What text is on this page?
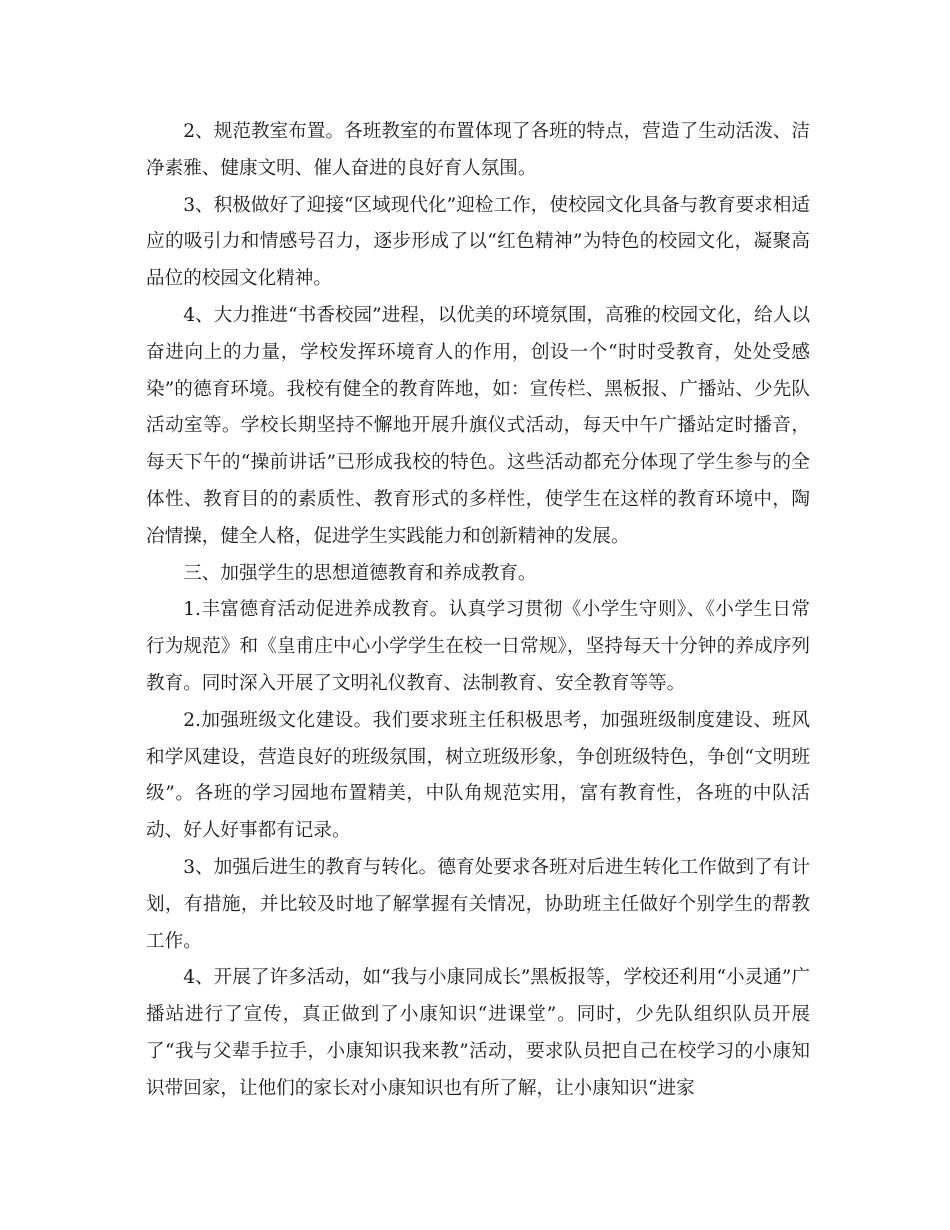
2、规范教室布置。各班教室的布置体现了各班的特点，营造了生动活泼、洁净素雅、健康文明、催人奋进的良好育人氛围。

3、积极做好了迎接“区域现代化”迎检工作，使校园文化具备与教育要求相适应的吸引力和情感号召力，逐步形成了以“红色精神”为特色的校园文化，凝聚高品位的校园文化精神。

4、大力推进“书香校园”进程，以优美的环境氛围，高雅的校园文化，给人以奋进向上的力量，学校发挥环境育人的作用，创设一个“时时受教育，处处受感染”的德育环境。我校有健全的教育阵地，如：宣传栏、黑板报、广播站、少先队活动室等。学校长期坚持不懈地开展升旗仪式活动，每天中午广播站定时播音，每天下午的“操前讲话”已形成我校的特色。这些活动都充分体现了学生参与的全体性、教育目的的素质性、教育形式的多样性，使学生在这样的教育环境中，陶冶情操，健全人格，促进学生实践能力和创新精神的发展。

三、加强学生的思想道德教育和养成教育。

1.丰富德育活动促进养成教育。认真学习贯彻《小学生守则》、《小学生日常行为规范》和《皇甫庄中心小学学生在校一日常规》，坚持每天十分钟的养成序列教育。同时深入开展了文明礼仪教育、法制教育、安全教育等等。

2.加强班级文化建设。我们要求班主任积极思考，加强班级制度建设、班风和学风建设，营造良好的班级氛围，树立班级形象，争创班级特色，争创“文明班级”。各班的学习园地布置精美，中队角规范实用，富有教育性，各班的中队活动、好人好事都有记录。

3、加强后进生的教育与转化。德育处要求各班对后进生转化工作做到了有计划，有措施，并比较及时地了解掌握有关情况，协助班主任做好个别学生的帮教工作。

4、开展了许多活动，如“我与小康同成长”黑板报等，学校还利用“小灵通”广播站进行了宣传，真正做到了小康知识“进课堂”。同时，少先队组织队员开展了“我与父辈手拉手，小康知识我来教”活动，要求队员把自己在校学习的小康知识带回家，让他们的家长对小康知识也有所了解，让小康知识“进家
